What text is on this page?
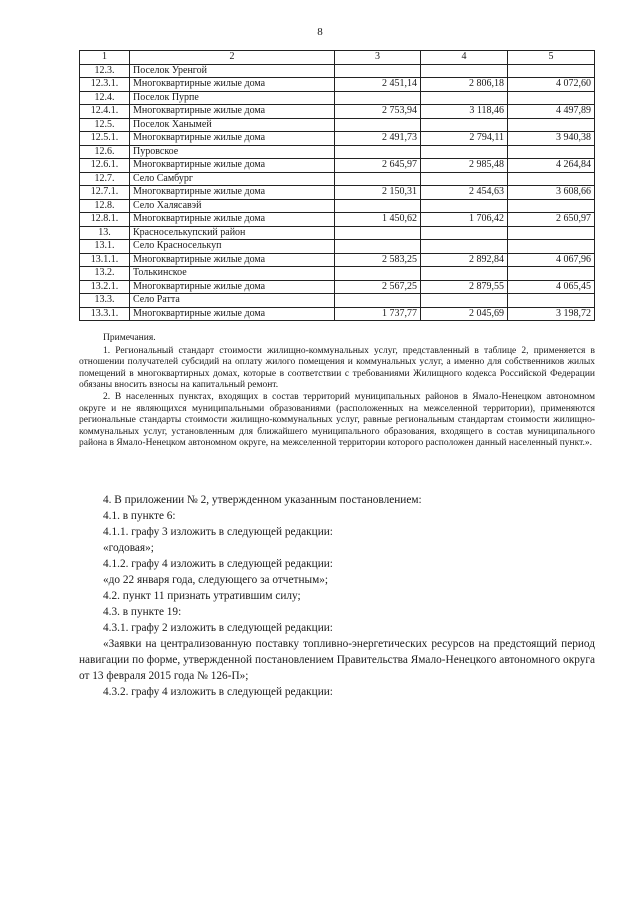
8
1	2	3	4	5
12.3.	Поселок Уренгой			
12.3.1.	Многоквартирные жилые дома	2 451,14	2 806,18	4 072,60
12.4.	Поселок Пурпе			
12.4.1.	Многоквартирные жилые дома	2 753,94	3 118,46	4 497,89
12.5.	Поселок Ханымей			
12.5.1.	Многоквартирные жилые дома	2 491,73	2 794,11	3 940,38
12.6.	Пуровское			
12.6.1.	Многоквартирные жилые дома	2 645,97	2 985,48	4 264,84
12.7.	Село Самбург			
12.7.1.	Многоквартирные жилые дома	2 150,31	2 454,63	3 608,66
12.8.	Село Халясавэй			
12.8.1.	Многоквартирные жилые дома	1 450,62	1 706,42	2 650,97
13.	Красноселькупский район			
13.1.	Село Красноселькуп			
13.1.1.	Многоквартирные жилые дома	2 583,25	2 892,84	4 067,96
13.2.	Толькинское			
13.2.1.	Многоквартирные жилые дома	2 567,25	2 879,55	4 065,45
13.3.	Село Ратта			
13.3.1.	Многоквартирные жилые дома	1 737,77	2 045,69	3 198,72

Примечания.

1. Региональный стандарт стоимости жилищно-коммунальных услуг, представленный в таблице 2, применяется в отношении получателей субсидий на оплату жилого помещения и коммунальных услуг, а именно для собственников жилых помещений в многоквартирных домах, которые в соответствии с требованиями Жилищного кодекса Российской Федерации обязаны вносить взносы на капитальный ремонт.

2. В населенных пунктах, входящих в состав территорий муниципальных районов в Ямало-Ненецком автономном округе и не являющихся муниципальными образованиями (расположенных на межселенной территории), применяются региональные стандарты стоимости жилищно-коммунальных услуг, равные региональным стандартам стоимости жилищно-коммунальных услуг, установленным для ближайшего муниципального образования, входящего в состав муниципального района в Ямало-Ненецком автономном округе, на межселенной территории которого расположен данный населенный пункт.».

4. В приложении № 2, утвержденном указанным постановлением:

4.1. в пункте 6:

4.1.1. графу 3 изложить в следующей редакции:

«годовая»;

4.1.2. графу 4 изложить в следующей редакции:

«до 22 января года, следующего за отчетным»;

4.2. пункт 11 признать утратившим силу;

4.3. в пункте 19:

4.3.1. графу 2 изложить в следующей редакции:

«Заявки на централизованную поставку топливно-энергетических ресурсов на предстоящий период навигации по форме, утвержденной постановлением Правительства Ямало-Ненецкого автономного округа от 13 февраля 2015 года № 126-П»;

4.3.2. графу 4 изложить в следующей редакции:
